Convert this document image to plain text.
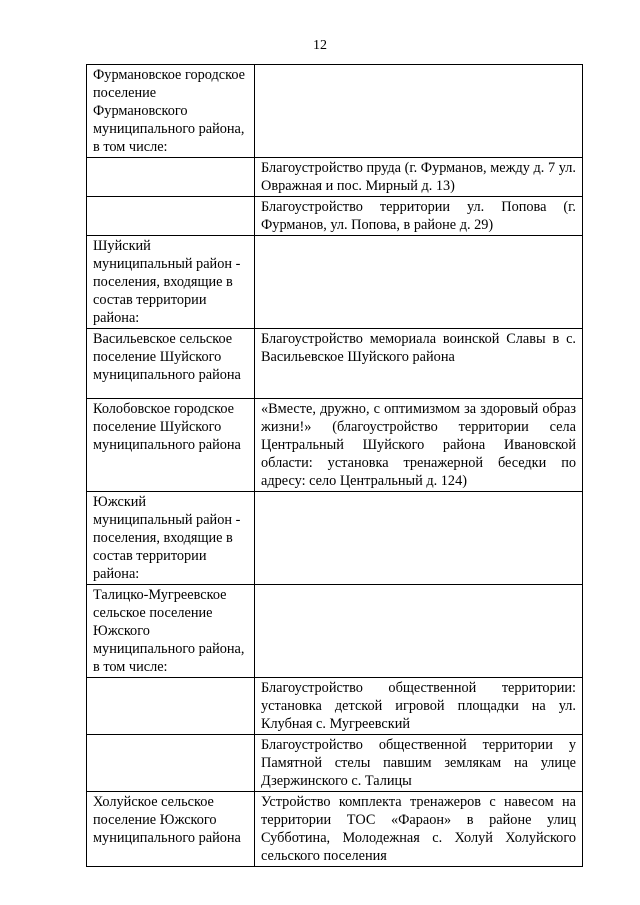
12
Фурмановское городское поселение Фурмановского муниципального района, в том числе:	
	Благоустройство пруда (г. Фурманов, между д. 7 ул. Овражная и пос. Мирный д. 13)
	Благоустройство территории ул. Попова (г. Фурманов, ул. Попова, в районе д. 29)
Шуйский муниципальный район - поселения, входящие в состав территории района:	
Васильевское сельское поселение Шуйского муниципального района	Благоустройство мемориала воинской Славы в с. Васильевское Шуйского района
Колобовское городское поселение Шуйского муниципального района	«Вместе, дружно, с оптимизмом за здоровый образ жизни!» (благоустройство территории села Центральный Шуйского района Ивановской области: установка тренажерной беседки по адресу: село Центральный д. 124)
Южский муниципальный район - поселения, входящие в состав территории района:	
Талицко-Мугреевское сельское поселение Южского муниципального района, в том числе:	
	Благоустройство общественной территории: установка детской игровой площадки на ул. Клубная с. Мугреевский
	Благоустройство общественной территории у Памятной стелы павшим землякам на улице Дзержинского с. Талицы
Холуйское сельское поселение Южского муниципального района	Устройство комплекта тренажеров с навесом на территории ТОС «Фараон» в районе улиц Субботина, Молодежная с. Холуй Холуйского сельского поселения
